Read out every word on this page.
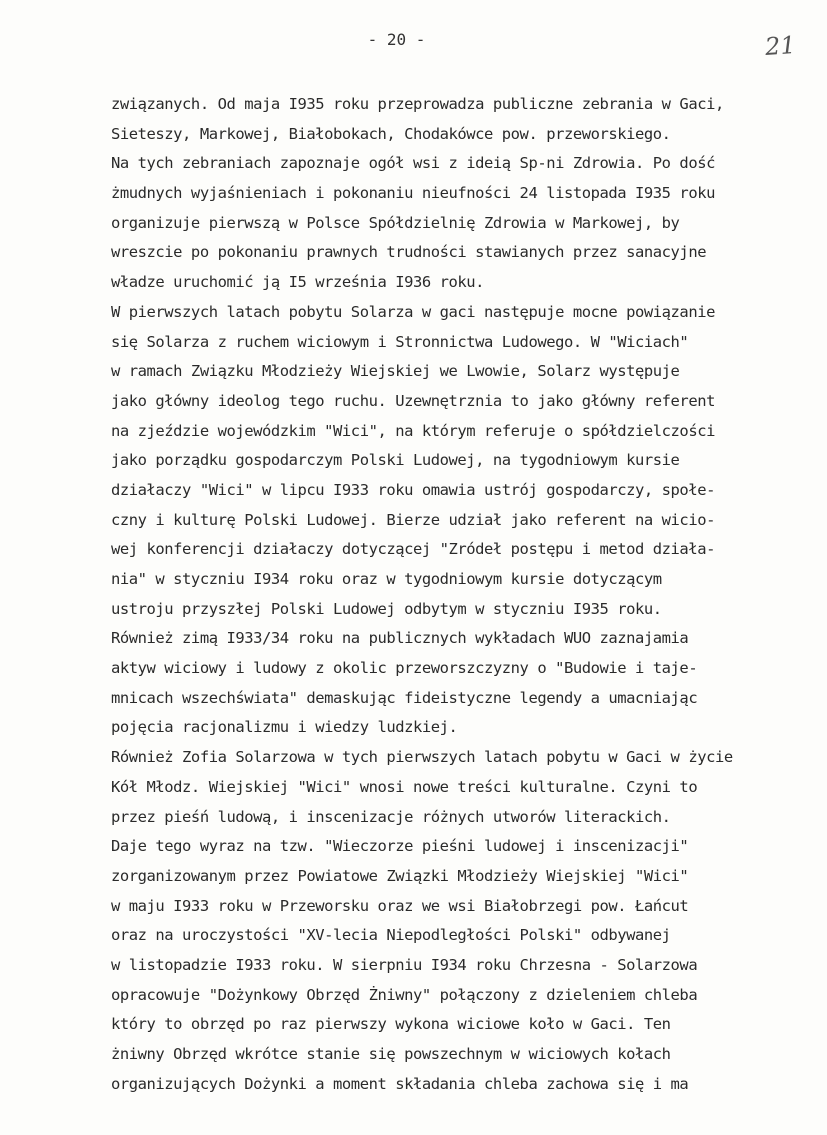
- 20 -	21
związanych. Od maja I935 roku przeprowadza publiczne zebrania w Gaci,
Sieteszy, Markowej, Białobokach, Chodakówce pow. przeworskiego.
Na tych zebraniach zapoznaje ogół wsi z ideią Sp-ni Zdrowia. Po dość
żmudnych wyjaśnieniach i pokonaniu nieufności 24 listopada I935 roku
organizuje pierwszą w Polsce Spółdzielnię Zdrowia w Markowej, by
wreszcie po pokonaniu prawnych trudności stawianych przez sanacyjne
władze uruchomić ją I5 września I936 roku.
W pierwszych latach pobytu Solarza w gaci następuje mocne powiązanie
się Solarza z ruchem wiciowym i Stronnictwa Ludowego. W "Wiciach"
w ramach Związku Młodzieży Wiejskiej we Lwowie, Solarz występuje
jako główny ideolog tego ruchu. Uzewnętrznia to jako główny referent
na zjeździe wojewódzkim "Wici", na którym referuje o spółdzielczości
jako porządku gospodarczym Polski Ludowej, na tygodniowym kursie
działaczy "Wici" w lipcu I933 roku omawia ustrój gospodarczy, społe-
czny i kulturę Polski Ludowej. Bierze udział jako referent na wicio-
wej konferencji działaczy dotyczącej "Zródeł postępu i metod działa-
nia" w styczniu I934 roku oraz w tygodniowym kursie dotyczącym
ustroju przyszłej Polski Ludowej odbytym w styczniu I935 roku.
Również zimą I933/34 roku na publicznych wykładach WUO zaznajamia
aktyw wiciowy i ludowy z okolic przeworszczyzny o "Budowie i taje-
mnicach wszechświata" demaskując fideistyczne legendy a umacniając
pojęcia racjonalizmu i wiedzy ludzkiej.
Również Zofia Solarzowa w tych pierwszych latach pobytu w Gaci w życie
Kół Młodz. Wiejskiej "Wici" wnosi nowe treści kulturalne. Czyni to
przez pieśń ludową, i inscenizacje różnych utworów literackich.
Daje tego wyraz na tzw. "Wieczorze pieśni ludowej i inscenizacji"
zorganizowanym przez Powiatowe Związki Młodzieży Wiejskiej "Wici"
w maju I933 roku w Przeworsku oraz we wsi Białobrzegi pow. Łańcut
oraz na uroczystości "XV-lecia Niepodległości Polski" odbywanej
w listopadzie I933 roku. W sierpniu I934 roku Chrzesna - Solarzowa
opracowuje "Dożynkowy Obrzęd Żniwny" połączony z dzieleniem chleba
który to obrzęd po raz pierwszy wykona wiciowe koło w Gaci. Ten
żniwny Obrzęd wkrótce stanie się powszechnym w wiciowych kołach
organizujących Dożynki a moment składania chleba zachowa się i ma
